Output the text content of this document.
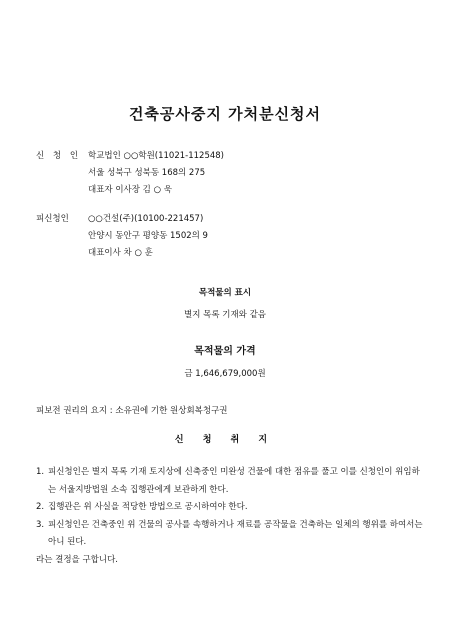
건축공사중지 가처분신청서
신 청 인 학교법인 ○○학원(11021-112548)
서울 성북구 성북동 168의 275
대표자 이사장 김 ○ 욱
피신청인	○○건설(주)(10100-221457)
안양시 동안구 평양동 1502의 9
대표이사 차 ○ 훈
목적물의 표시
별지 목록 기재와 같음
목적물의 가격
금 1,646,679,000원
피보전 권리의 요지 : 소유권에 기한 원상회복청구권
신 청 취 지
1. 피신청인은 별지 목록 기재 토지상에 신축중인 미완성 건물에 대한 점유를 풀고 이를 신청인이 위임하는 서울지방법원 소속 집행관에게 보관하게 한다.
2. 집행관은 위 사실을 적당한 방법으로 공시하여야 한다.
3. 피신청인은 건축중인 위 건물의 공사를 속행하거나 재료를 공작물을 건축하는 일체의 행위를 하여서는 아니 된다.
라는 결정을 구합니다.
